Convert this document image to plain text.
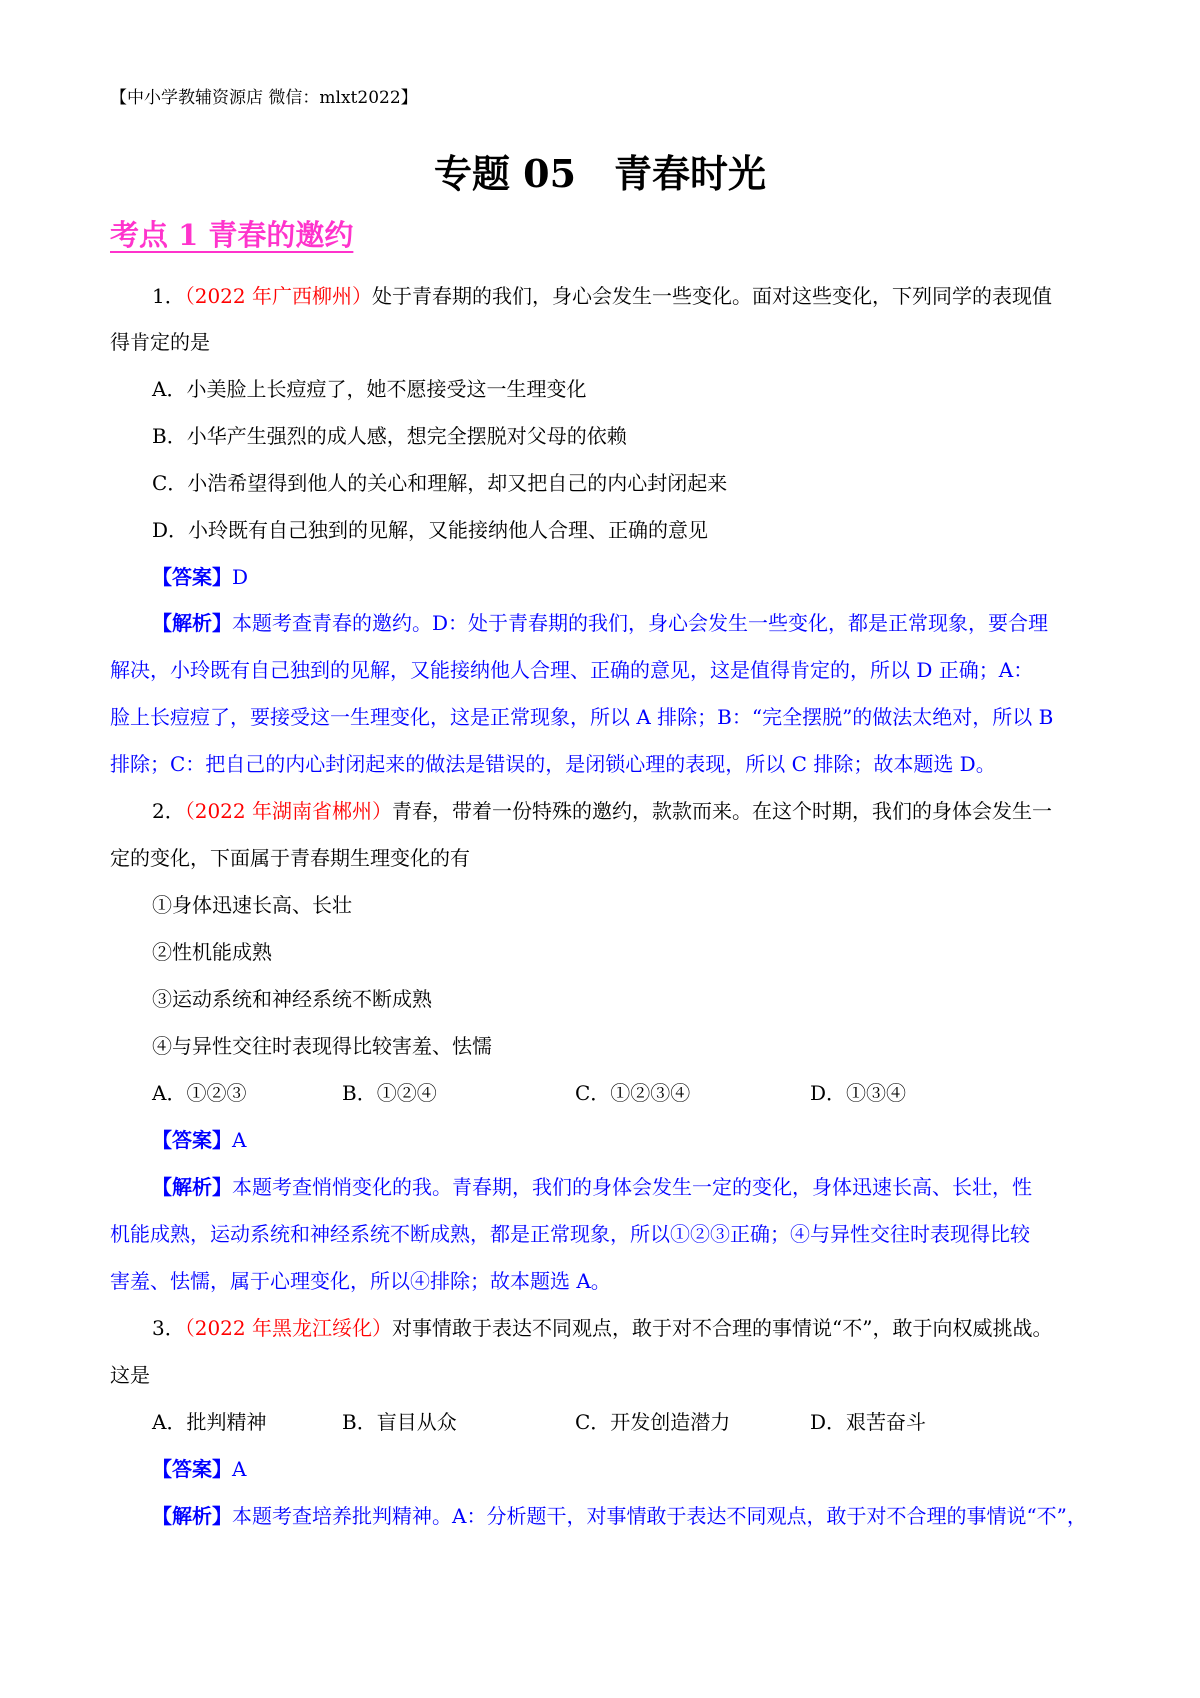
【中小学教辅资源店 微信：mlxt2022】
专题 05　青春时光
考点 1 青春的邀约
1．（2022 年广西柳州）处于青春期的我们，身心会发生一些变化。面对这些变化，下列同学的表现值
得肯定的是
A．小美脸上长痘痘了，她不愿接受这一生理变化
B．小华产生强烈的成人感，想完全摆脱对父母的依赖
C．小浩希望得到他人的关心和理解，却又把自己的内心封闭起来
D．小玲既有自己独到的见解，又能接纳他人合理、正确的意见
【答案】D
【解析】本题考查青春的邀约。D：处于青春期的我们，身心会发生一些变化，都是正常现象，要合理
解决，小玲既有自己独到的见解，又能接纳他人合理、正确的意见，这是值得肯定的，所以 D 正确；A：
脸上长痘痘了，要接受这一生理变化，这是正常现象，所以 A 排除；B：“完全摆脱”的做法太绝对，所以 B
排除；C：把自己的内心封闭起来的做法是错误的，是闭锁心理的表现，所以 C 排除；故本题选 D。
2．（2022 年湖南省郴州）青春，带着一份特殊的邀约，款款而来。在这个时期，我们的身体会发生一
定的变化，下面属于青春期生理变化的有
①身体迅速长高、长壮
②性机能成熟
③运动系统和神经系统不断成熟
④与异性交往时表现得比较害羞、怯懦
A．①②③	B．①②④	C．①②③④	D．①③④
【答案】A
【解析】本题考查悄悄变化的我。青春期，我们的身体会发生一定的变化，身体迅速长高、长壮，性
机能成熟，运动系统和神经系统不断成熟，都是正常现象，所以①②③正确；④与异性交往时表现得比较
害羞、怯懦，属于心理变化，所以④排除；故本题选 A。
3．（2022 年黑龙江绥化）对事情敢于表达不同观点，敢于对不合理的事情说“不”，敢于向权威挑战。
这是
A．批判精神	B．盲目从众	C．开发创造潜力	D．艰苦奋斗
【答案】A
【解析】本题考查培养批判精神。A：分析题干，对事情敢于表达不同观点，敢于对不合理的事情说“不”，
